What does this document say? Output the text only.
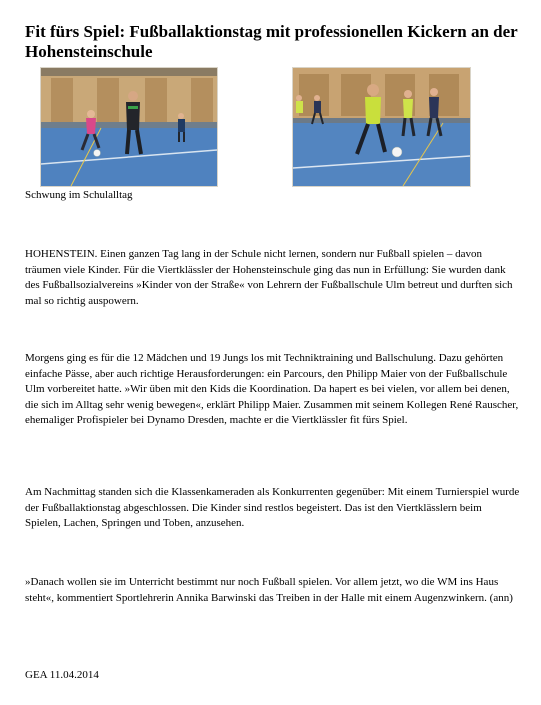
Fit fürs Spiel: Fußballaktionstag mit professionellen Kickern an der Hohensteinschule
Schwung im Schulalltag

HOHENSTEIN. Einen ganzen Tag lang in der Schule nicht lernen, sondern nur Fußball spielen – davon träumen viele Kinder. Für die Viertklässler der Hohensteinschule ging das nun in Erfüllung: Sie wurden dank des Fußballsozialvereins »Kinder von der Straße« von Lehrern der Fußballschule Ulm betreut und durften sich mal so richtig auspowern.

Morgens ging es für die 12 Mädchen und 19 Jungs los mit Techniktraining und Ballschulung. Dazu gehörten einfache Pässe, aber auch richtige Herausforderungen: ein Parcours, den Philipp Maier von der Fußballschule Ulm vorbereitet hatte. »Wir üben mit den Kids die Koordination. Da hapert es bei vielen, vor allem bei denen, die sich im Alltag sehr wenig bewegen«, erklärt Philipp Maier. Zusammen mit seinem Kollegen René Rauscher, ehemaliger Profispieler bei Dynamo Dresden, machte er die Viertklässler fit fürs Spiel.

Am Nachmittag standen sich die Klassenkameraden als Konkurrenten gegenüber: Mit einem Turnierspiel wurde der Fußballaktionstag abgeschlossen. Die Kinder sind restlos begeistert. Das ist den Viertklässlern beim Spielen, Lachen, Springen und Toben, anzusehen.

»Danach wollen sie im Unterricht bestimmt nur noch Fußball spielen. Vor allem jetzt, wo die WM ins Haus steht«, kommentiert Sportlehrerin Annika Barwinski das Treiben in der Halle mit einem Augenzwinkern. (ann)

GEA 11.04.2014
